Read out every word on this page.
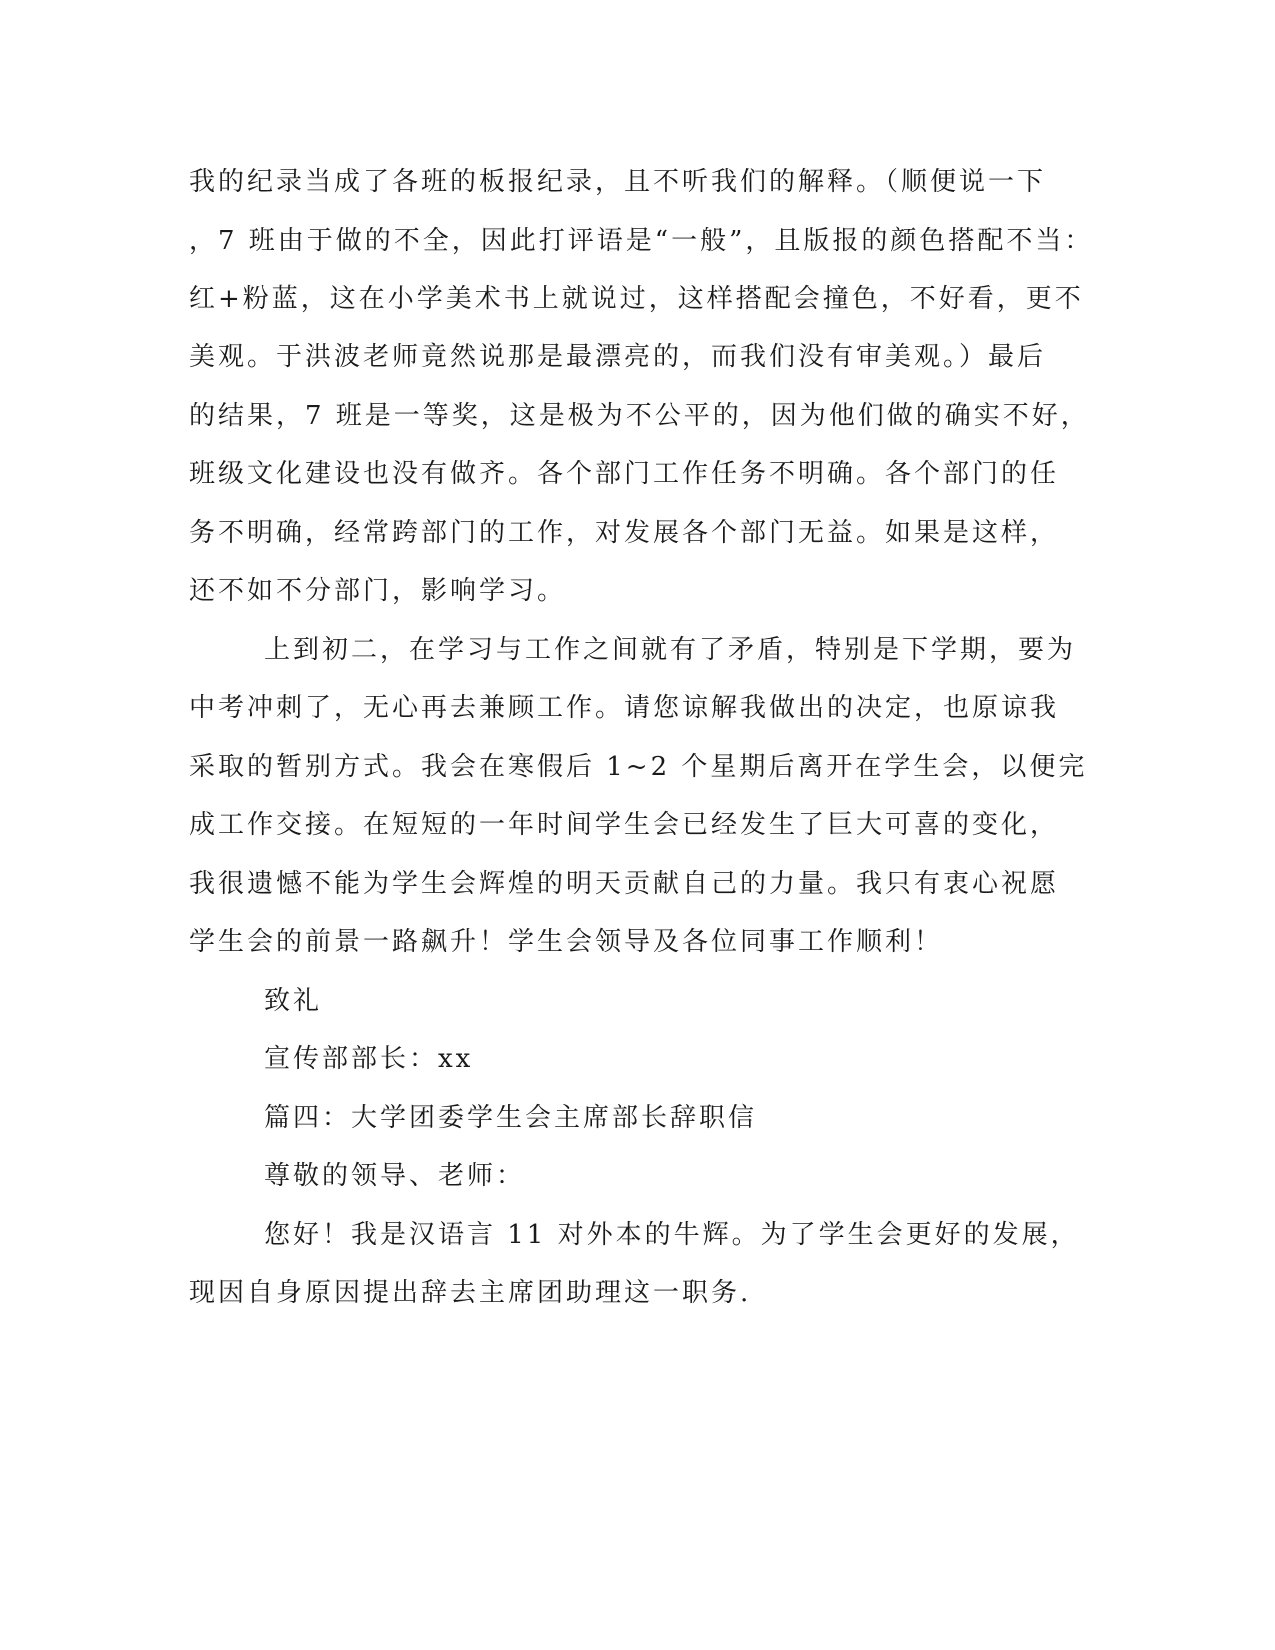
我的纪录当成了各班的板报纪录，且不听我们的解释。（顺便说一下
，7 班由于做的不全，因此打评语是“一般”，且版报的颜色搭配不当：
红+粉蓝，这在小学美术书上就说过，这样搭配会撞色，不好看，更不
美观。于洪波老师竟然说那是最漂亮的，而我们没有审美观。）最后
的结果，7 班是一等奖，这是极为不公平的，因为他们做的确实不好，
班级文化建设也没有做齐。各个部门工作任务不明确。各个部门的任
务不明确，经常跨部门的工作，对发展各个部门无益。如果是这样，
还不如不分部门，影响学习。
上到初二，在学习与工作之间就有了矛盾，特别是下学期，要为
中考冲刺了，无心再去兼顾工作。请您谅解我做出的决定，也原谅我
采取的暂别方式。我会在寒假后 1~2 个星期后离开在学生会，以便完
成工作交接。在短短的一年时间学生会已经发生了巨大可喜的变化，
我很遗憾不能为学生会辉煌的明天贡献自己的力量。我只有衷心祝愿
学生会的前景一路飙升！学生会领导及各位同事工作顺利！
致礼
宣传部部长：xx
篇四：大学团委学生会主席部长辞职信
尊敬的领导、老师：
您好！我是汉语言 11 对外本的牛辉。为了学生会更好的发展，
现因自身原因提出辞去主席团助理这一职务.
